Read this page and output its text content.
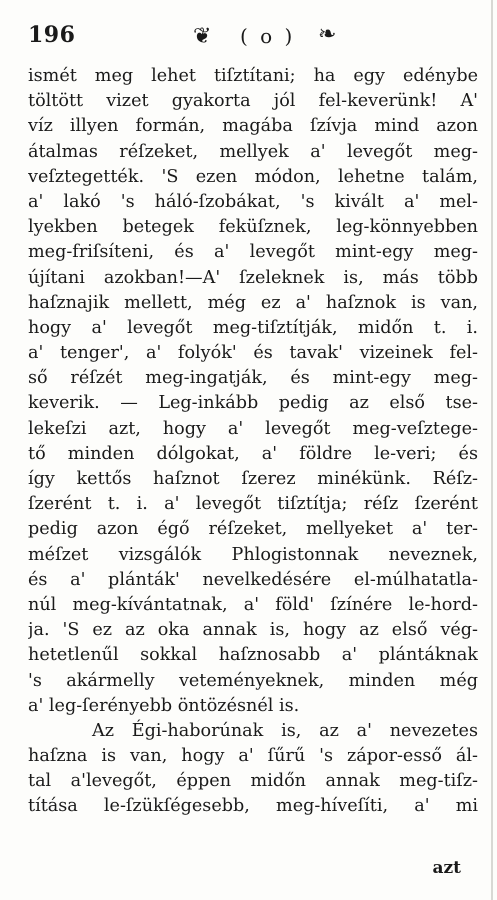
196	❦ ( o ) ❧
ismét meg lehet tiſztítani; ha egy edénybe
töltött vizet gyakorta jól fel-keverünk! A'
víz illyen formán, magába ſzívja mind azon
átalmas réſzeket, mellyek a' levegőt meg-
veſztegették. 'S ezen módon, lehetne talám,
a' lakó 's háló-ſzobákat, 's kivált a' mel-
lyekben betegek feküſznek, leg-könnyebben
meg-friſsíteni, és a' levegőt mint-egy meg-
újítani azokban!—A' ſzeleknek is, más több
haſznajik mellett, még ez a' haſznok is van,
hogy a' levegőt meg-tiſztítják, midőn t. i.
a' tenger', a' folyók' és tavak' vizeinek fel-
ső réſzét meg-ingatják, és mint-egy meg-
keverik. — Leg-inkább pedig az első tse-
lekeſzi azt, hogy a' levegőt meg-veſztege-
tő minden dólgokat, a' földre le-veri; és
így kettős haſznot ſzerez minékünk. Réſz-
ſzerént t. i. a' levegőt tiſztítja; réſz ſzerént
pedig azon égő réſzeket, mellyeket a' ter-
méſzet vizsgálók Phlogistonnak neveznek,
és a' plánták' nevelkedésére el-múlhatatla-
núl meg-kívántatnak, a' föld' ſzínére le-hord-
ja. 'S ez az oka annak is, hogy az első vég-
hetetlenűl sokkal haſznosabb a' plántáknak
's akármelly veteményeknek, minden még
a' leg-ſerényebb öntözésnél is.
Az Égi-haborúnak is, az a' nevezetes
haſzna is van, hogy a' ſűrű 's zápor-esső ál-
tal a'levegőt, éppen midőn annak meg-tiſz-
títása le-ſzükſégesebb, meg-híveſíti, a' mi
azt
